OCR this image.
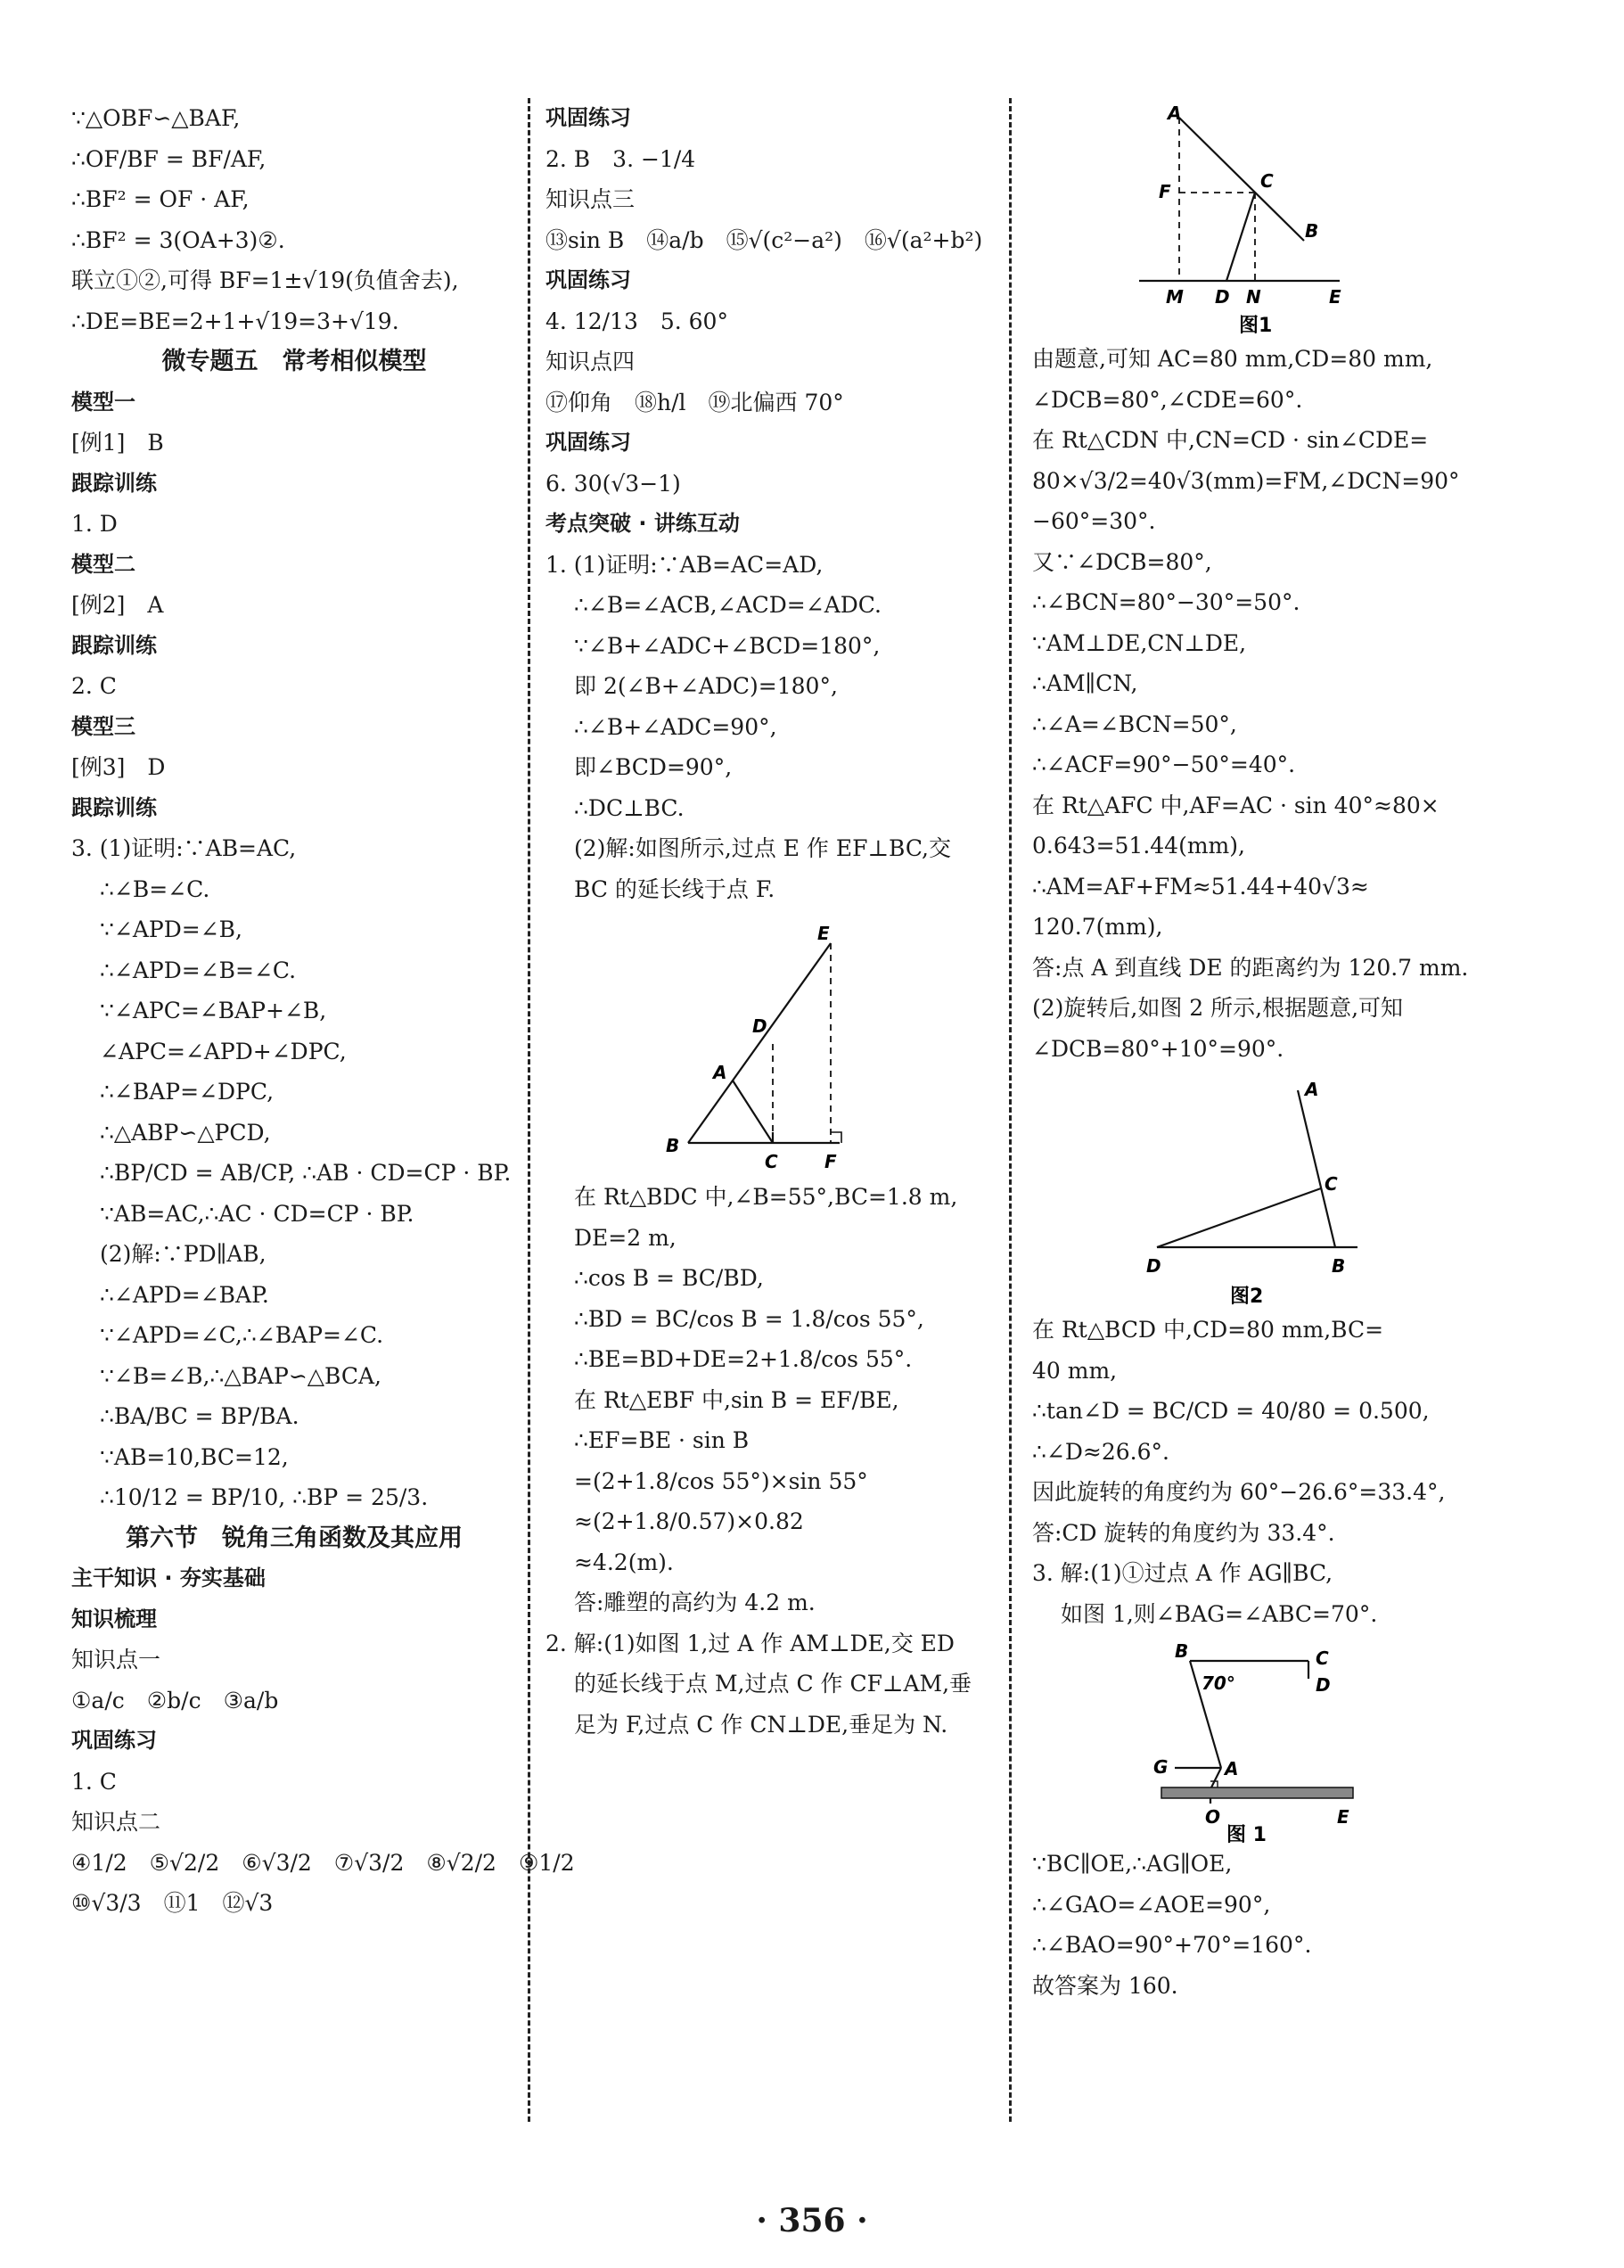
∵△OBF∽△BAF,
∴OF/BF = BF/AF,
∴BF² = OF · AF,
∴BF² = 3(OA+3)②.
联立①②,可得 BF=1±√19(负值舍去),
∴DE=BE=2+1+√19=3+√19.
微专题五　常考相似模型
模型一
[例1]　B
跟踪训练
1. D
模型二
[例2]　A
跟踪训练
2. C
模型三
[例3]　D
跟踪训练
3. (1)证明:∵AB=AC,
∴∠B=∠C.
∵∠APD=∠B,
∴∠APD=∠B=∠C.
∵∠APC=∠BAP+∠B,
∠APC=∠APD+∠DPC,
∴∠BAP=∠DPC,
∴△ABP∽△PCD,
∴BP/CD = AB/CP, ∴AB · CD=CP · BP.
∵AB=AC,∴AC · CD=CP · BP.
(2)解:∵PD∥AB,
∴∠APD=∠BAP.
∵∠APD=∠C,∴∠BAP=∠C.
∵∠B=∠B,∴△BAP∽△BCA,
∴BA/BC = BP/BA.
∵AB=10,BC=12,
∴10/12 = BP/10, ∴BP = 25/3.
第六节　锐角三角函数及其应用
主干知识 · 夯实基础
知识梳理
知识点一
①a/c　②b/c　③a/b
巩固练习
1. C
知识点二
④1/2　⑤√2/2　⑥√3/2　⑦√3/2　⑧√2/2　⑨1/2
⑩√3/3　⑪1　⑫√3
巩固练习
2. B　3. −1/4
知识点三
⑬sin B　⑭a/b　⑮√(c²−a²)　⑯√(a²+b²)
巩固练习
4. 12/13　5. 60°
知识点四
⑰仰角　⑱h/l　⑲北偏西 70°
巩固练习
6. 30(√3−1)
考点突破 · 讲练互动
1. (1)证明:∵AB=AC=AD,
∴∠B=∠ACB,∠ACD=∠ADC.
∵∠B+∠ADC+∠BCD=180°,
即 2(∠B+∠ADC)=180°,
∴∠B+∠ADC=90°,
即∠BCD=90°,
∴DC⊥BC.
(2)解:如图所示,过点 E 作 EF⊥BC,交
BC 的延长线于点 F.
E
D
A
B
C	F
在 Rt△BDC 中,∠B=55°,BC=1.8 m,
DE=2 m,
∴cos B = BC/BD,
∴BD = BC/cos B = 1.8/cos 55°,
∴BE=BD+DE=2+1.8/cos 55°.
在 Rt△EBF 中,sin B = EF/BE,
∴EF=BE · sin B
=(2+1.8/cos 55°)×sin 55°
≈(2+1.8/0.57)×0.82
≈4.2(m).
答:雕塑的高约为 4.2 m.
2. 解:(1)如图 1,过 A 作 AM⊥DE,交 ED
的延长线于点 M,过点 C 作 CF⊥AM,垂
足为 F,过点 C 作 CN⊥DE,垂足为 N.
A
F	C
B
M D N	E
图1
由题意,可知 AC=80 mm,CD=80 mm,
∠DCB=80°,∠CDE=60°.
在 Rt△CDN 中,CN=CD · sin∠CDE=
80×√3/2=40√3(mm)=FM,∠DCN=90°
−60°=30°.
又∵∠DCB=80°,
∴∠BCN=80°−30°=50°.
∵AM⊥DE,CN⊥DE,
∴AM∥CN,
∴∠A=∠BCN=50°,
∴∠ACF=90°−50°=40°.
在 Rt△AFC 中,AF=AC · sin 40°≈80×
0.643=51.44(mm),
∴AM=AF+FM≈51.44+40√3≈
120.7(mm),
答:点 A 到直线 DE 的距离约为 120.7 mm.
(2)旋转后,如图 2 所示,根据题意,可知
∠DCB=80°+10°=90°.
A
C
D	B
图2
在 Rt△BCD 中,CD=80 mm,BC=
40 mm,
∴tan∠D = BC/CD = 40/80 = 0.500,
∴∠D≈26.6°.
因此旋转的角度约为 60°−26.6°=33.4°,
答:CD 旋转的角度约为 33.4°.
3. 解:(1)①过点 A 作 AG∥BC,
如图 1,则∠BAG=∠ABC=70°.
B	C
D
70°
G	A
O	E
图 1
∵BC∥OE,∴AG∥OE,
∴∠GAO=∠AOE=90°,
∴∠BAO=90°+70°=160°.
故答案为 160.
· 356 ·
